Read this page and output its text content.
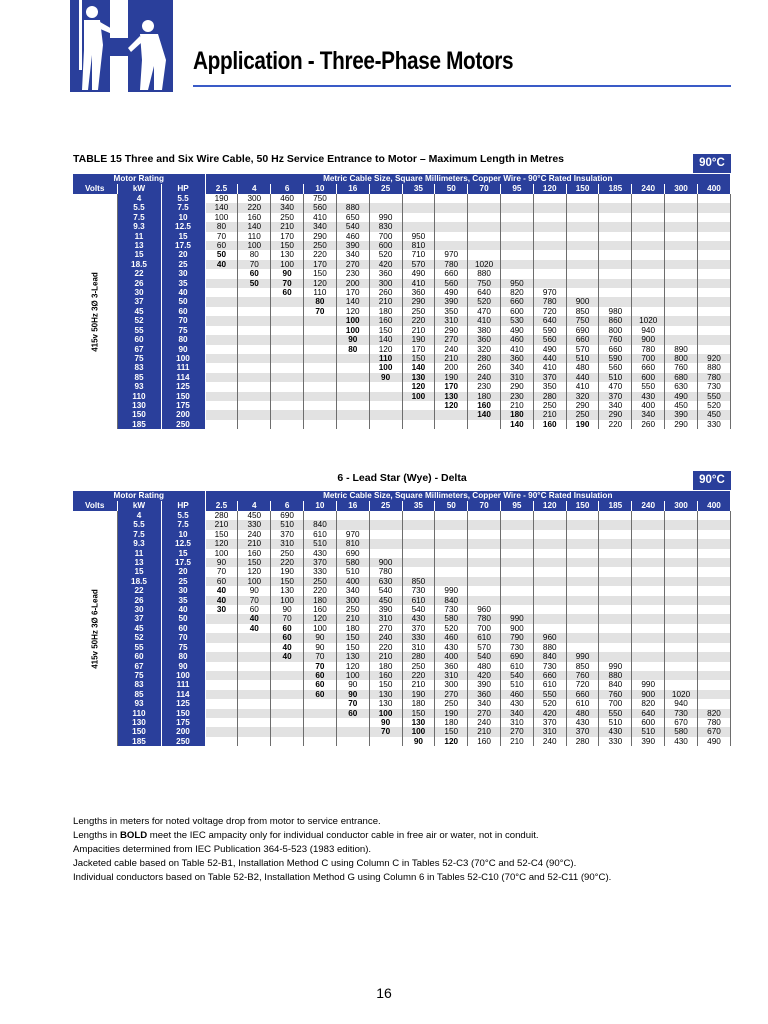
Application - Three-Phase Motors
TABLE 15 Three and Six Wire Cable, 50 Hz Service Entrance to Motor – Maximum Length in Metres	90°C
Motor Rating			Metric Cable Size, Square Millimeters, Copper Wire - 90°C Rated Insulation															
Volts	kW	HP	2.5	4	6	10	16	25	35	50	70	95	120	150	185	240	300	400

415v 50Hz 3Ø 3-Lead	4	5.5	190	300	460	750												
	5.5	7.5	140	220	340	560	880											
	7.5	10	100	160	250	410	650	990										
	9.3	12.5	80	140	210	340	540	830										
	11	15	70	110	170	290	460	700	950									
	13	17.5	60	100	150	250	390	600	810									
	15	20	50	80	130	220	340	520	710	970								
	18.5	25	40	70	100	170	270	420	570	780	1020							
	22	30		60	90	150	230	360	490	660	880							
	26	35		50	70	120	200	300	410	560	750	950						
	30	40			60	110	170	260	360	490	640	820	970					
	37	50				80	140	210	290	390	520	660	780	900				
	45	60				70	120	180	250	350	470	600	720	850	980			
	52	70					100	160	220	310	410	530	640	750	860	1020		
	55	75					100	150	210	290	380	490	590	690	800	940		
	60	80					90	140	190	270	360	460	560	660	760	900		
	67	90					80	120	170	240	320	410	490	570	660	780	890	
	75	100						110	150	210	280	360	440	510	590	700	800	920
	83	111						100	140	200	260	340	410	480	560	660	760	880
	85	114						90	130	190	240	310	370	440	510	600	680	780
	93	125							120	170	230	290	350	410	470	550	630	730
	110	150							100	130	180	230	280	320	370	430	490	550
	130	175								120	160	210	250	290	340	400	450	520
	150	200									140	180	210	250	290	340	390	450
	185	250										140	160	190	220	260	290	330
6 - Lead Star (Wye) - Delta	90°C
Motor Rating			Metric Cable Size, Square Millimeters, Copper Wire - 90°C Rated Insulation															
Volts	kW	HP	2.5	4	6	10	16	25	35	50	70	95	120	150	185	240	300	400

415v 50Hz 3Ø 6-Lead	4	5.5	280	450	690													
	5.5	7.5	210	330	510	840												
	7.5	10	150	240	370	610	970											
	9.3	12.5	120	210	310	510	810											
	11	15	100	160	250	430	690											
	13	17.5	90	150	220	370	580	900										
	15	20	70	120	190	330	510	780										
	18.5	25	60	100	150	250	400	630	850									
	22	30	40	90	130	220	340	540	730	990								
	26	35	40	70	100	180	300	450	610	840								
	30	40	30	60	90	160	250	390	540	730	960							
	37	50		40	70	120	210	310	430	580	780	990						
	45	60		40	60	100	180	270	370	520	700	900						
	52	70			60	90	150	240	330	460	610	790	960					
	55	75			40	90	150	220	310	430	570	730	880					
	60	80			40	70	130	210	280	400	540	690	840	990				
	67	90				70	120	180	250	360	480	610	730	850	990			
	75	100				60	100	160	220	310	420	540	660	760	880			
	83	111				60	90	150	210	300	390	510	610	720	840	990		
	85	114				60	90	130	190	270	360	460	550	660	760	900	1020	
	93	125					70	130	180	250	340	430	520	610	700	820	940	
	110	150					60	100	150	190	270	340	420	480	550	640	730	820
	130	175						90	130	180	240	310	370	430	510	600	670	780
	150	200						70	100	150	210	270	310	370	430	510	580	670
	185	250							90	120	160	210	240	280	330	390	430	490
Lengths in meters for noted voltage drop from motor to service entrance.
Lengths in BOLD meet the IEC ampacity only for individual conductor cable in free air or water, not in conduit.
Ampacities determined from IEC Publication 364-5-523 (1983 edition).
Jacketed cable based on Table 52-B1, Installation Method C using Column C in Tables 52-C3 (70°C and 52-C4 (90°C).
Individual conductors based on Table 52-B2, Installation Method G using Column 6 in Tables 52-C10 (70°C and 52-C11 (90°C).
16
